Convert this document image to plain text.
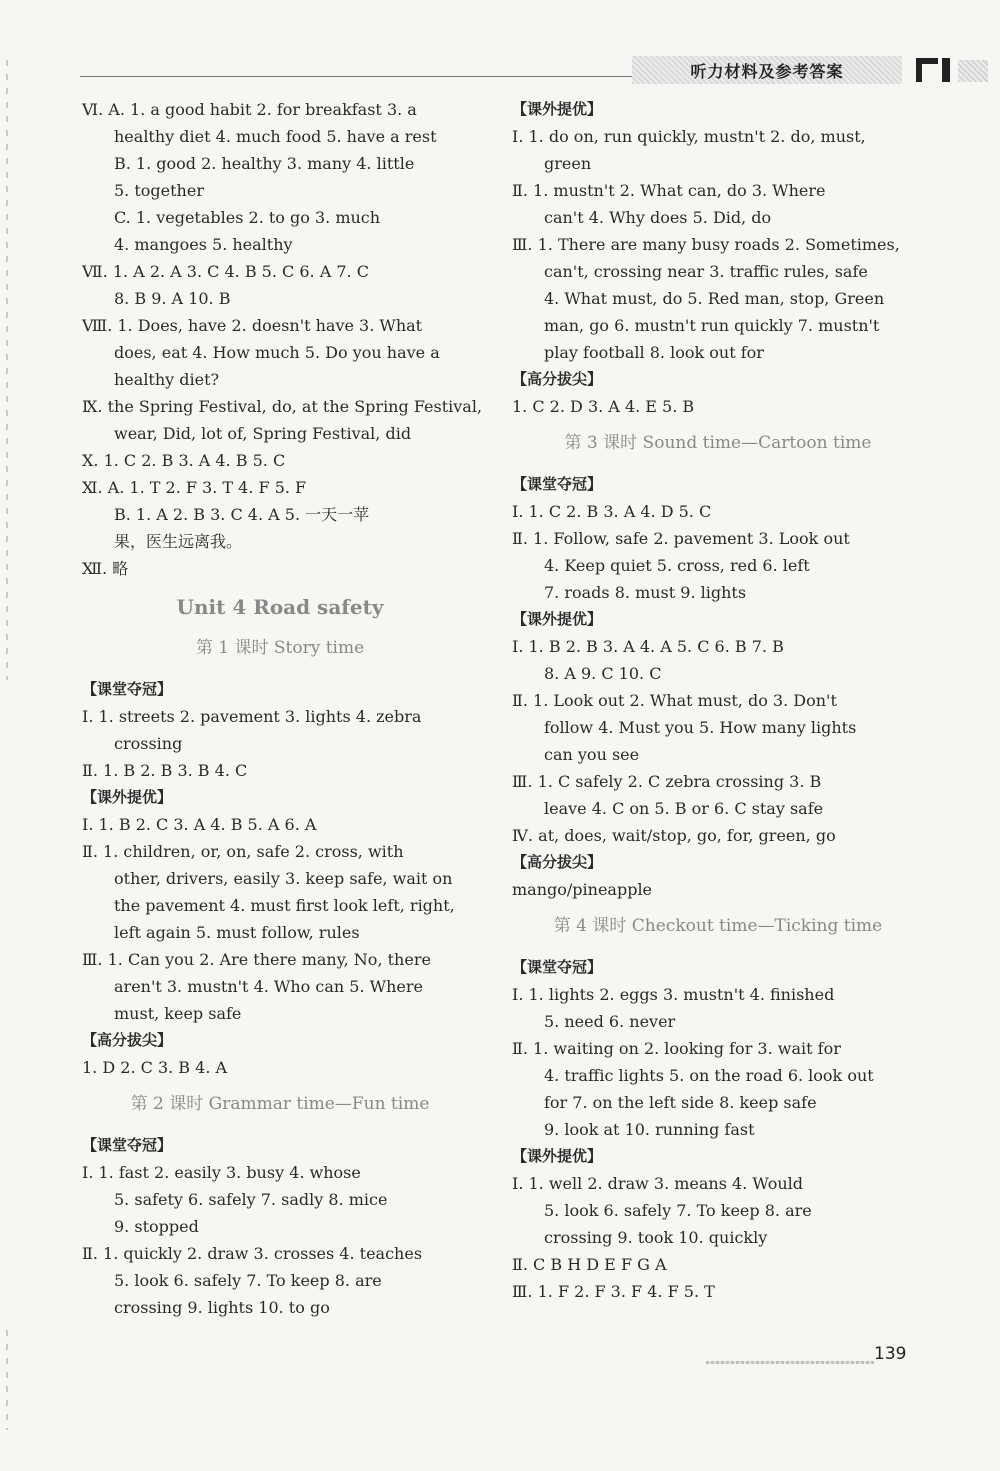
听力材料及参考答案
Ⅵ. A. 1. a good habit 2. for breakfast 3. a
healthy diet 4. much food 5. have a rest
B. 1. good 2. healthy 3. many 4. little
5. together
C. 1. vegetables 2. to go 3. much
4. mangoes 5. healthy
Ⅶ. 1. A 2. A 3. C 4. B 5. C 6. A 7. C
8. B 9. A 10. B
Ⅷ. 1. Does, have 2. doesn't have 3. What
does, eat 4. How much 5. Do you have a
healthy diet?
Ⅸ. the Spring Festival, do, at the Spring Festival,
wear, Did, lot of, Spring Festival, did
Ⅹ. 1. C 2. B 3. A 4. B 5. C
Ⅺ. A. 1. T 2. F 3. T 4. F 5. F
B. 1. A 2. B 3. C 4. A 5. 一天一苹
果，医生远离我。
Ⅻ. 略
Unit 4 Road safety
第 1 课时 Story time
【课堂夺冠】
Ⅰ. 1. streets 2. pavement 3. lights 4. zebra
crossing
Ⅱ. 1. B 2. B 3. B 4. C
【课外提优】
Ⅰ. 1. B 2. C 3. A 4. B 5. A 6. A
Ⅱ. 1. children, or, on, safe 2. cross, with
other, drivers, easily 3. keep safe, wait on
the pavement 4. must first look left, right,
left again 5. must follow, rules
Ⅲ. 1. Can you 2. Are there many, No, there
aren't 3. mustn't 4. Who can 5. Where
must, keep safe
【高分拔尖】
1. D 2. C 3. B 4. A
第 2 课时 Grammar time—Fun time
【课堂夺冠】
Ⅰ. 1. fast 2. easily 3. busy 4. whose
5. safety 6. safely 7. sadly 8. mice
9. stopped
Ⅱ. 1. quickly 2. draw 3. crosses 4. teaches
5. look 6. safely 7. To keep 8. are
crossing 9. lights 10. to go
【课外提优】
Ⅰ. 1. do on, run quickly, mustn't 2. do, must,
green
Ⅱ. 1. mustn't 2. What can, do 3. Where
can't 4. Why does 5. Did, do
Ⅲ. 1. There are many busy roads 2. Sometimes,
can't, crossing near 3. traffic rules, safe
4. What must, do 5. Red man, stop, Green
man, go 6. mustn't run quickly 7. mustn't
play football 8. look out for
【高分拔尖】
1. C 2. D 3. A 4. E 5. B
第 3 课时 Sound time—Cartoon time
【课堂夺冠】
Ⅰ. 1. C 2. B 3. A 4. D 5. C
Ⅱ. 1. Follow, safe 2. pavement 3. Look out
4. Keep quiet 5. cross, red 6. left
7. roads 8. must 9. lights
【课外提优】
Ⅰ. 1. B 2. B 3. A 4. A 5. C 6. B 7. B
8. A 9. C 10. C
Ⅱ. 1. Look out 2. What must, do 3. Don't
follow 4. Must you 5. How many lights
can you see
Ⅲ. 1. C safely 2. C zebra crossing 3. B
leave 4. C on 5. B or 6. C stay safe
Ⅳ. at, does, wait/stop, go, for, green, go
【高分拔尖】
mango/pineapple
第 4 课时 Checkout time—Ticking time
【课堂夺冠】
Ⅰ. 1. lights 2. eggs 3. mustn't 4. finished
5. need 6. never
Ⅱ. 1. waiting on 2. looking for 3. wait for
4. traffic lights 5. on the road 6. look out
for 7. on the left side 8. keep safe
9. look at 10. running fast
【课外提优】
Ⅰ. 1. well 2. draw 3. means 4. Would
5. look 6. safely 7. To keep 8. are
crossing 9. took 10. quickly
Ⅱ. C B H D E F G A
Ⅲ. 1. F 2. F 3. F 4. F 5. T
139
